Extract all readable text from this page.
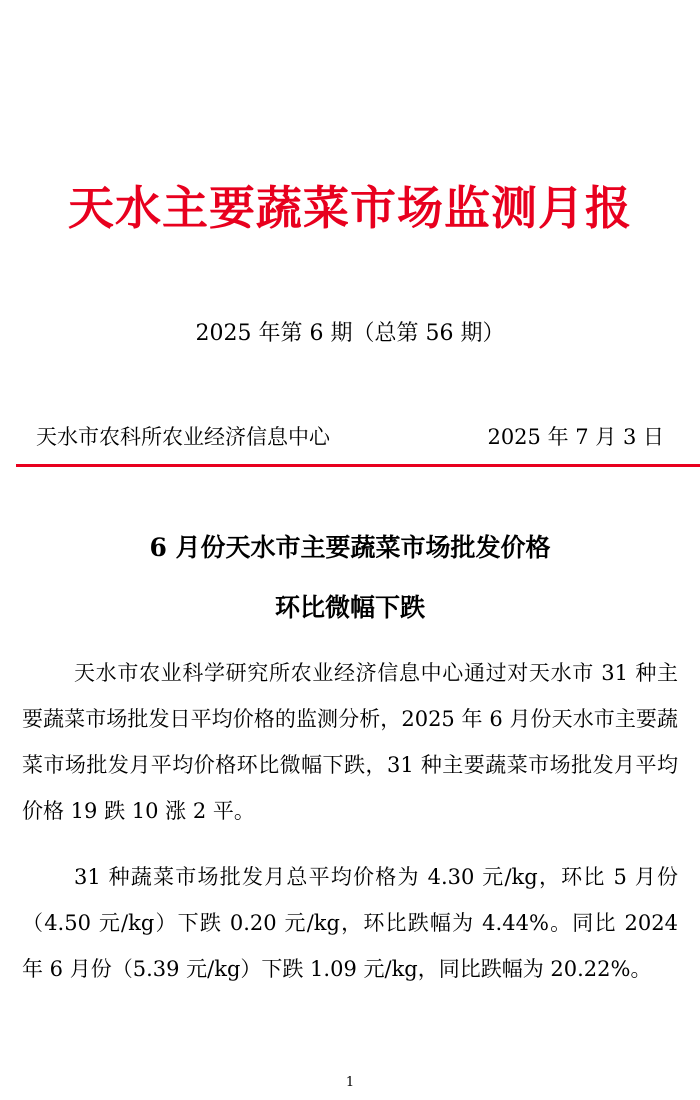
天水主要蔬菜市场监测月报
2025 年第 6 期（总第 56 期）
天水市农科所农业经济信息中心	2025 年 7 月 3 日
6 月份天水市主要蔬菜市场批发价格
环比微幅下跌

天水市农业科学研究所农业经济信息中心通过对天水市 31 种主要蔬菜市场批发日平均价格的监测分析，2025 年 6 月份天水市主要蔬菜市场批发月平均价格环比微幅下跌，31 种主要蔬菜市场批发月平均价格 19 跌 10 涨 2 平。

31 种蔬菜市场批发月总平均价格为 4.30 元/kg，环比 5 月份（4.50 元/kg）下跌 0.20 元/kg，环比跌幅为 4.44%。同比 2024 年 6 月份（5.39 元/kg）下跌 1.09 元/kg，同比跌幅为 20.22%。

1
